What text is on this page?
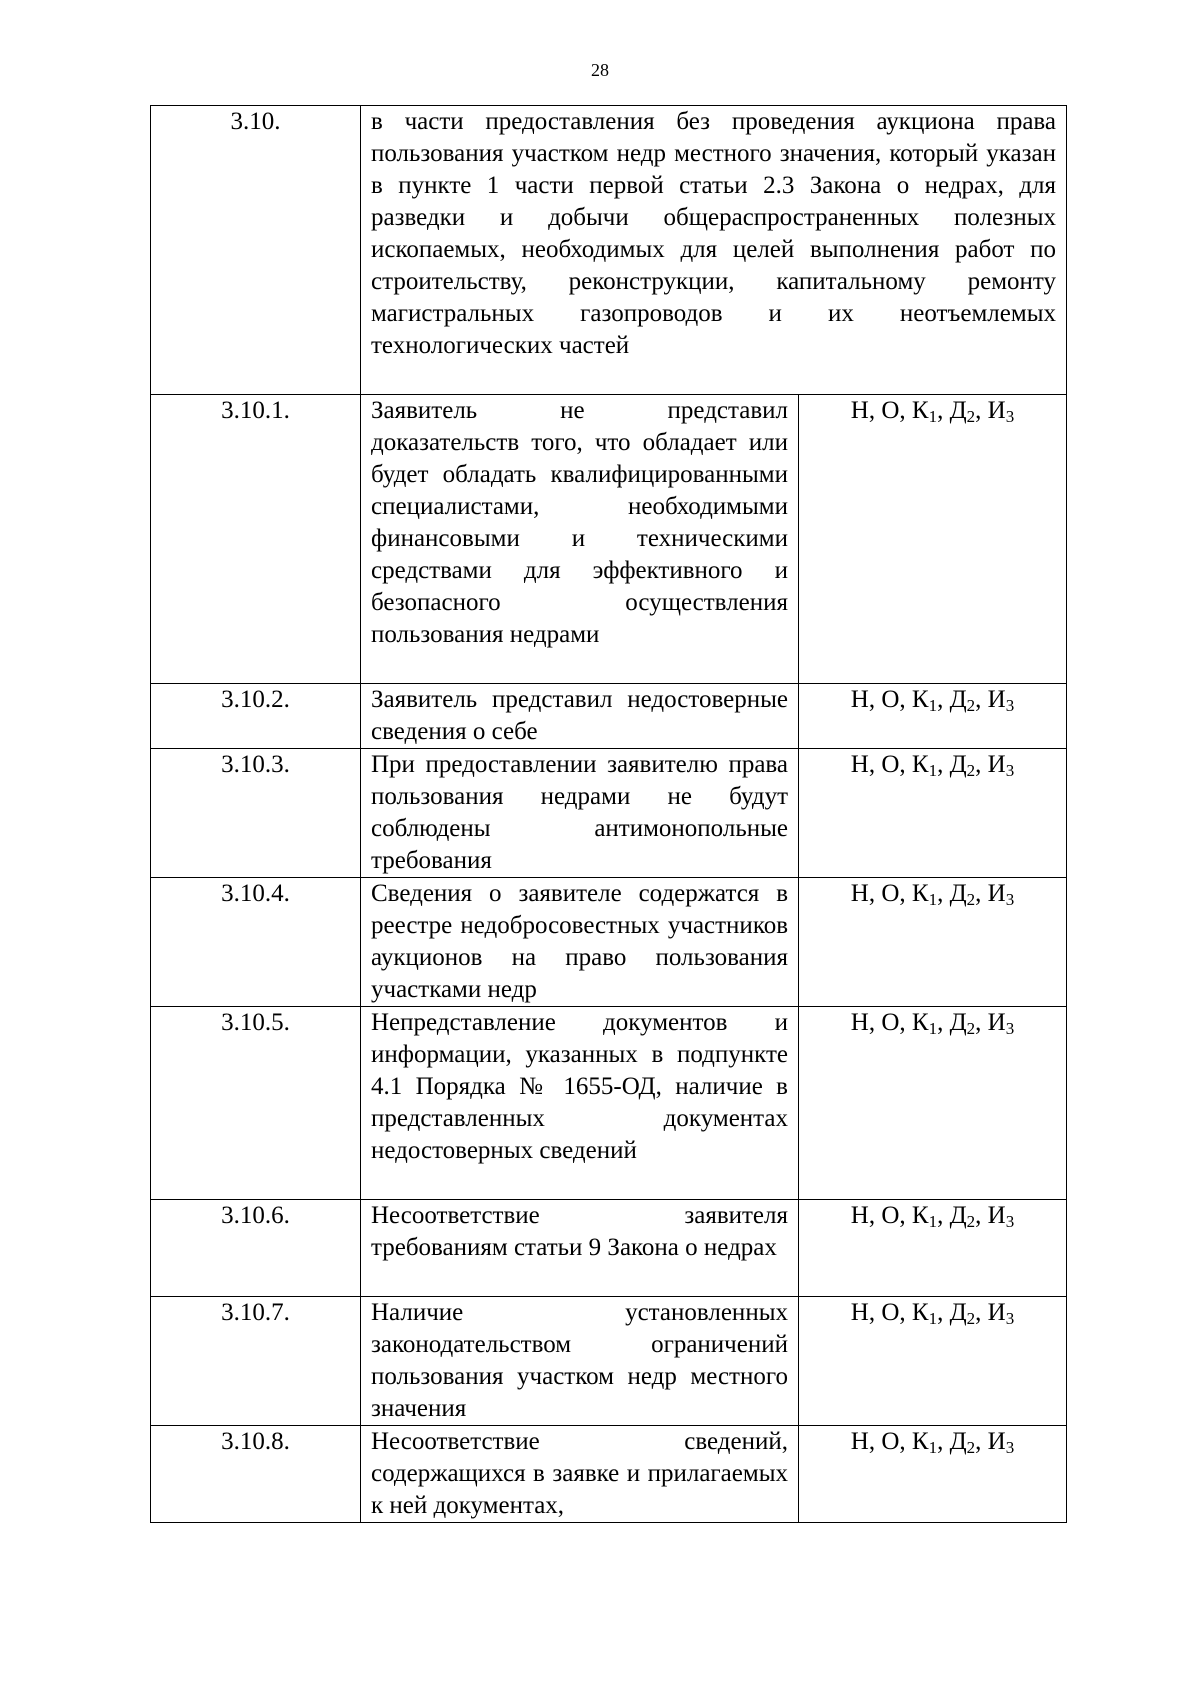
28
3.10.	в части предоставления без проведения аукциона права пользования участком недр местного значения, который указан в пункте 1 части первой статьи 2.3 Закона о недрах, для разведки и добычи общераспространенных полезных ископаемых, необходимых для целей выполнения работ по строительству, реконструкции, капитальному ремонту магистральных газопроводов и их неотъемлемых технологических частей	
3.10.1.	Заявитель не представил доказательств того, что обладает или будет обладать квалифицированными специалистами, необходимыми финансовыми и техническими средствами для эффективного и безопасного осуществления пользования недрами	Н, О, $К_1$, $Д_2$, $И_3$
3.10.2.	Заявитель представил недостоверные сведения о себе	Н, О, $К_1$, $Д_2$, $И_3$
3.10.3.	При предоставлении заявителю права пользования недрами не будут соблюдены антимонопольные требования	Н, О, $К_1$, $Д_2$, $И_3$
3.10.4.	Сведения о заявителе содержатся в реестре недобросовестных участников аукционов на право пользования участками недр	Н, О, $К_1$, $Д_2$, $И_3$
3.10.5.	Непредставление документов и информации, указанных в подпункте 4.1 Порядка № 1655-ОД, наличие в представленных документах недостоверных сведений	Н, О, $К_1$, $Д_2$, $И_3$
3.10.6.	Несоответствие заявителя требованиям статьи 9 Закона о недрах	Н, О, $К_1$, $Д_2$, $И_3$
3.10.7.	Наличие установленных законодательством ограничений пользования участком недр местного значения	Н, О, $К_1$, $Д_2$, $И_3$
3.10.8.	Несоответствие сведений, содержащихся в заявке и прилагаемых к ней документах,	Н, О, $К_1$, $Д_2$, $И_3$
